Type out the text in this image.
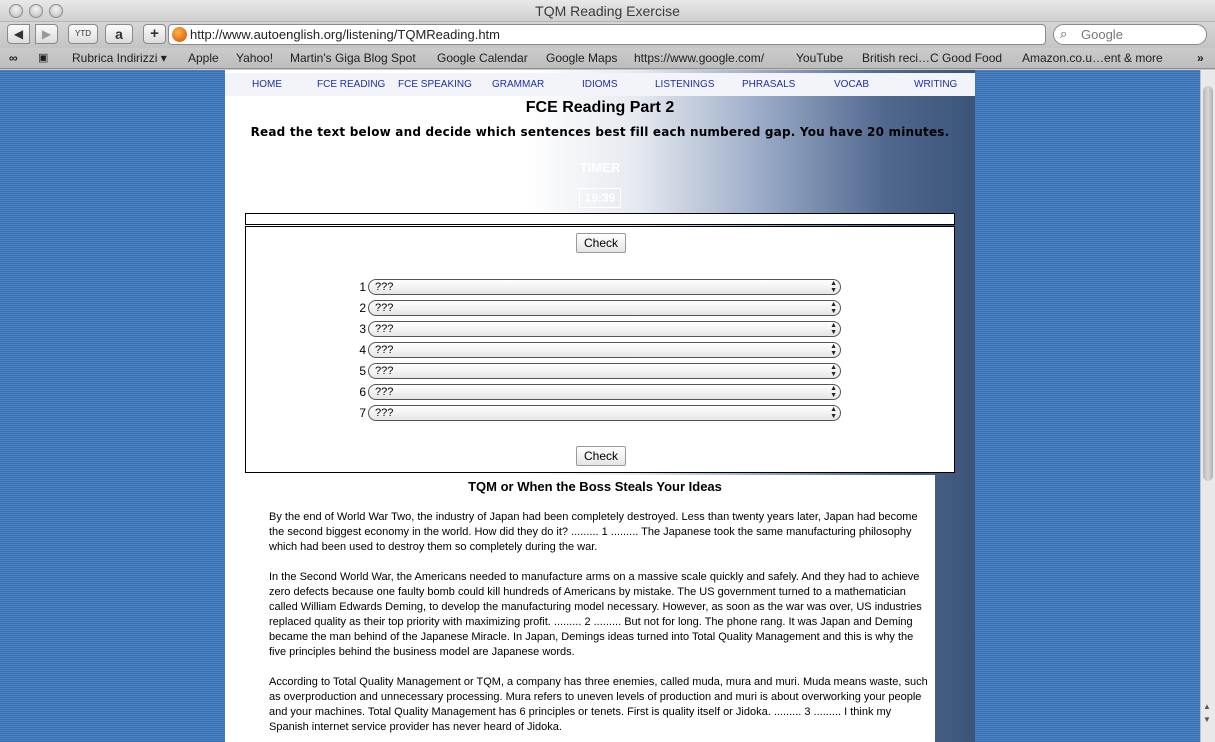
TQM Reading Exercise
◀	▶	YTD	a	+	http://www.autoenglish.org/listening/TQMReading.htm	⌕ Google
∞ ▣ Rubrica Indirizzi ▾ Apple Yahoo! Martin's Giga Blog Spot Google Calendar Google Maps https://www.google.com/	YouTube British reci…C Good Food Amazon.co.u…ent & more	»
HOME	FCE READING FCE SPEAKING GRAMMAR	IDIOMS	LISTENINGS	PHRASALS	VOCAB	WRITING
FCE Reading Part 2
Read the text below and decide which sentences best fill each numbered gap. You have 20 minutes.
TIMER
19:39
Check
1 ???	▲
▼
2 ???	▲
▼
3 ???	▲
▼
4 ???	▲
▼
5 ???	▲
▼
6 ???	▲
▼
7 ???	▲
▼
Check
TQM or When the Boss Steals Your Ideas

By the end of World War Two, the industry of Japan had been completely destroyed. Less than twenty years later, Japan had become the second biggest economy in the world. How did they do it? ......... 1 ......... The Japanese took the same manufacturing philosophy which had been used to destroy them so completely during the war.

In the Second World War, the Americans needed to manufacture arms on a massive scale quickly and safely. And they had to achieve zero defects because one faulty bomb could kill hundreds of Americans by mistake. The US government turned to a mathematician called William Edwards Deming, to develop the manufacturing model necessary. However, as soon as the war was over, US industries replaced quality as their top priority with maximizing profit. ......... 2 ......... But not for long. The phone rang. It was Japan and Deming became the man behind of the Japanese Miracle. In Japan, Demings ideas turned into Total Quality Management and this is why the five principles behind the business model are Japanese words.

According to Total Quality Management or TQM, a company has three enemies, called muda, mura and muri. Muda means waste, such as overproduction and unnecessary processing. Mura refers to uneven levels of production and muri is about overworking your people and your machines. Total Quality Management has 6 principles or tenets. First is quality itself or Jidoka. ......... 3 ......... I think my Spanish internet service provider has never heard of Jidoka.

▲
▼
